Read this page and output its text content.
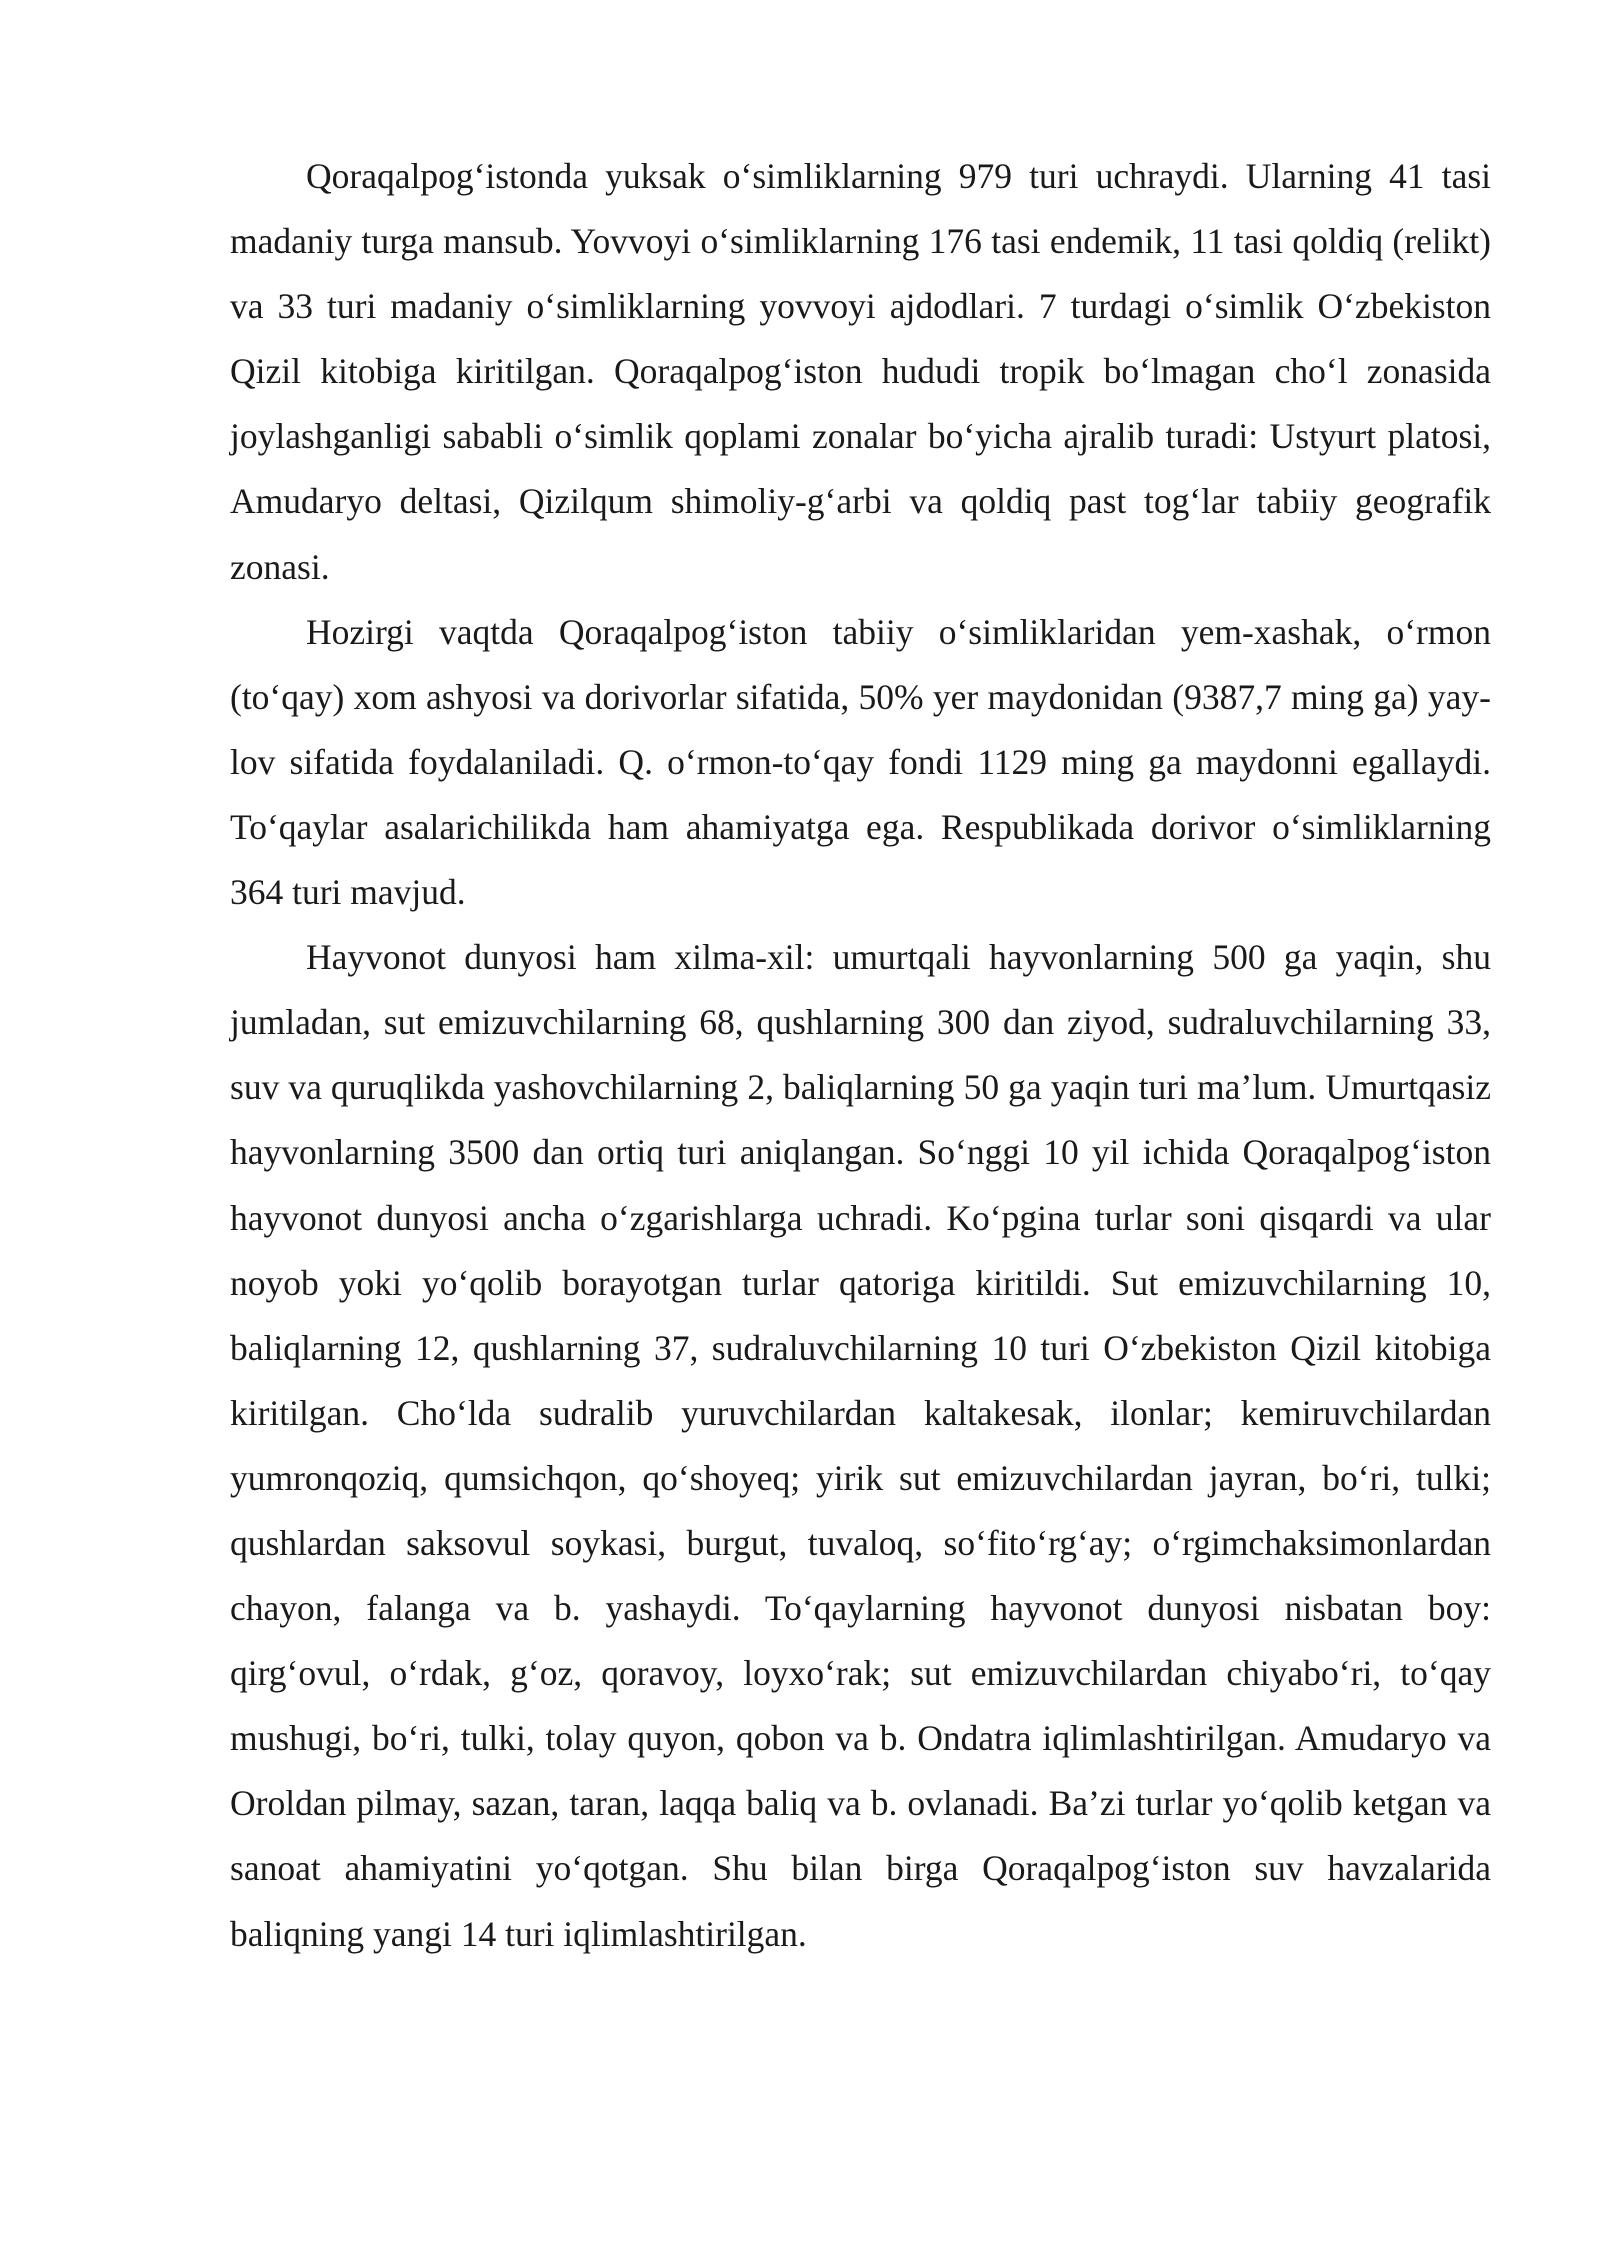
Qoraqalpog‘istonda yuksak o‘simliklarning 979 turi uchraydi. Ularning 41 tasi madaniy turga mansub. Yovvoyi o‘simliklarning 176 tasi endemik, 11 tasi qoldiq (relikt) va 33 turi madaniy o‘simliklarning yovvoyi ajdodlari. 7 turdagi o‘simlik O‘zbekiston Qizil kitobiga kiritilgan. Qoraqalpog‘iston hududi tropik bo‘lmagan cho‘l zonasida joylashganligi sababli o‘simlik qoplami zonalar bo‘yicha ajralib turadi: Ustyurt platosi, Amudaryo deltasi, Qizilqum shimoliy-g‘arbi va qoldiq past tog‘lar tabiiy geografik zonasi.

Hozirgi vaqtda Qoraqalpog‘iston tabiiy o‘simliklaridan yem-xashak, o‘rmon (to‘qay) xom ashyosi va dorivorlar sifatida, 50% yer maydonidan (9387,7 ming ga) yay-lov sifatida foydalaniladi. Q. o‘rmon-to‘qay fondi 1129 ming ga maydonni egallaydi. To‘qaylar asalarichilikda ham ahamiyatga ega. Respublikada dorivor o‘simliklarning 364 turi mavjud.

Hayvonot dunyosi ham xilma-xil: umurtqali hayvonlarning 500 ga yaqin, shu jumladan, sut emizuvchilarning 68, qushlarning 300 dan ziyod, sudraluvchilarning 33, suv va quruqlikda yashovchilarning 2, baliqlarning 50 ga yaqin turi ma’lum. Umurtqasiz hayvonlarning 3500 dan ortiq turi aniqlangan. So‘nggi 10 yil ichida Qoraqalpog‘iston hayvonot dunyosi ancha o‘zgarishlarga uchradi. Ko‘pgina turlar soni qisqardi va ular noyob yoki yo‘qolib borayotgan turlar qatoriga kiritildi. Sut emizuvchilarning 10, baliqlarning 12, qushlarning 37, sudraluvchilarning 10 turi O‘zbekiston Qizil kitobiga kiritilgan. Cho‘lda sudralib yuruvchilardan kaltakesak, ilonlar; kemiruvchilardan yumronqoziq, qumsichqon, qo‘shoyeq; yirik sut emizuvchilardan jayran, bo‘ri, tulki; qushlardan saksovul soykasi, burgut, tuvaloq, so‘fito‘rg‘ay; o‘rgimchaksimonlardan chayon, falanga va b. yashaydi. To‘qaylarning hayvonot dunyosi nisbatan boy: qirg‘ovul, o‘rdak, g‘oz, qoravoy, loyxo‘rak; sut emizuvchilardan chiyabo‘ri, to‘qay mushugi, bo‘ri, tulki, tolay quyon, qobon va b. Ondatra iqlimlashtirilgan. Amudaryo va Oroldan pilmay, sazan, taran, laqqa baliq va b. ovlanadi. Ba’zi turlar yo‘qolib ketgan va sanoat ahamiyatini yo‘qotgan. Shu bilan birga Qoraqalpog‘iston suv havzalarida baliqning yangi 14 turi iqlimlashtirilgan.
